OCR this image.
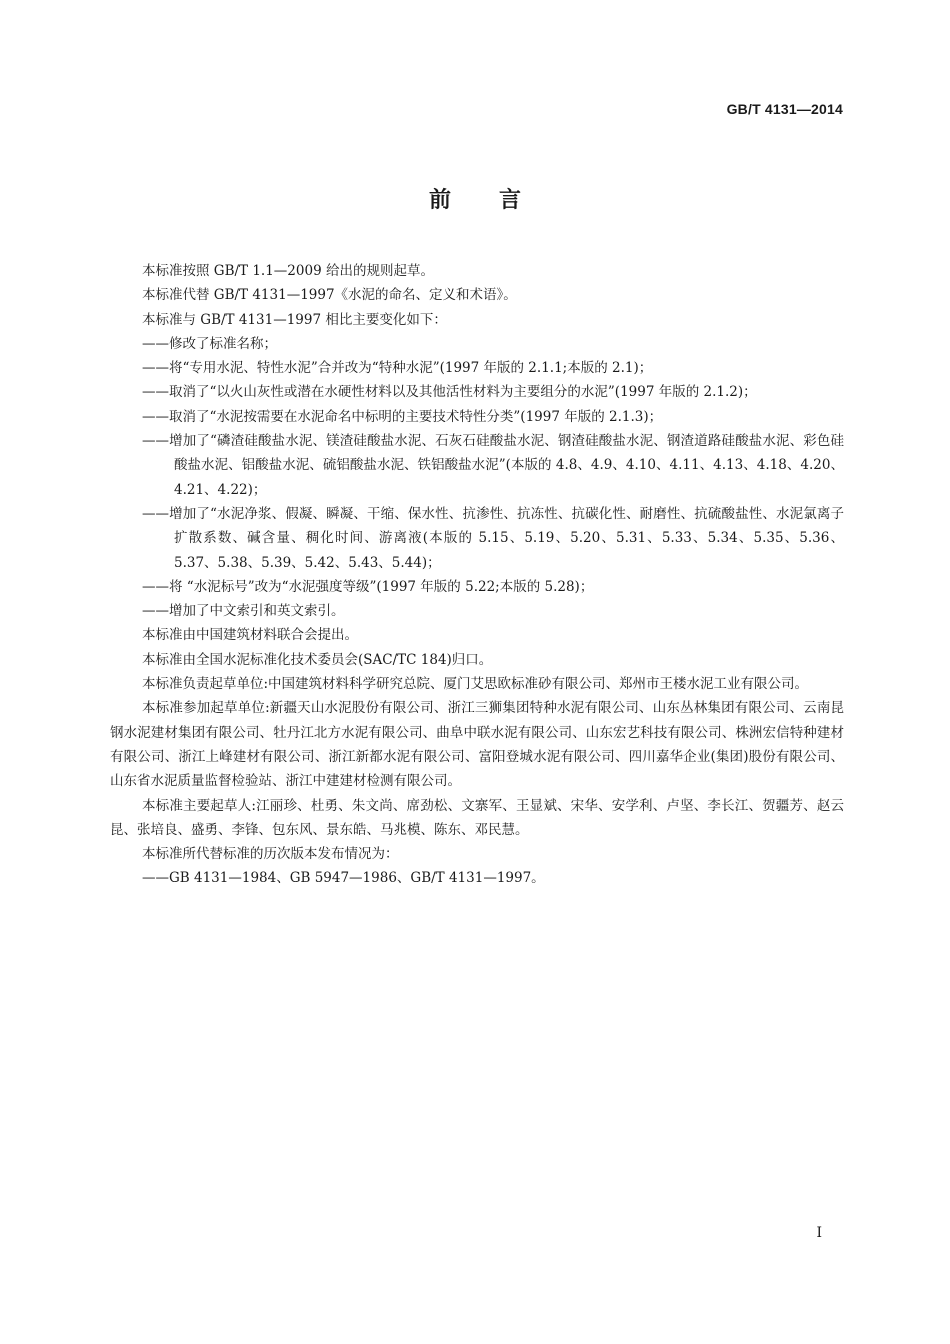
GB/T 4131—2014
前言

本标准按照 GB/T 1.1—2009 给出的规则起草。

本标准代替 GB/T 4131—1997《水泥的命名、定义和术语》。

本标准与 GB/T 4131—1997 相比主要变化如下：

——修改了标准名称；

——将“专用水泥、特性水泥”合并改为“特种水泥”(1997 年版的 2.1.1;本版的 2.1)；

——取消了“以火山灰性或潜在水硬性材料以及其他活性材料为主要组分的水泥”(1997 年版的 2.1.2)；

——取消了“水泥按需要在水泥命名中标明的主要技术特性分类”(1997 年版的 2.1.3)；

——增加了“磷渣硅酸盐水泥、镁渣硅酸盐水泥、石灰石硅酸盐水泥、钢渣硅酸盐水泥、钢渣道路硅酸盐水泥、彩色硅酸盐水泥、铝酸盐水泥、硫铝酸盐水泥、铁铝酸盐水泥”(本版的 4.8、4.9、4.10、4.11、4.13、4.18、4.20、4.21、4.22)；

——增加了“水泥净浆、假凝、瞬凝、干缩、保水性、抗渗性、抗冻性、抗碳化性、耐磨性、抗硫酸盐性、水泥氯离子扩散系数、碱含量、稠化时间、游离液(本版的 5.15、5.19、5.20、5.31、5.33、5.34、5.35、5.36、5.37、5.38、5.39、5.42、5.43、5.44)；

——将 “水泥标号”改为“水泥强度等级”(1997 年版的 5.22;本版的 5.28)；

——增加了中文索引和英文索引。

本标准由中国建筑材料联合会提出。

本标准由全国水泥标准化技术委员会(SAC/TC 184)归口。

本标准负责起草单位:中国建筑材料科学研究总院、厦门艾思欧标准砂有限公司、郑州市王楼水泥工业有限公司。

本标准参加起草单位:新疆天山水泥股份有限公司、浙江三狮集团特种水泥有限公司、山东丛林集团有限公司、云南昆钢水泥建材集团有限公司、牡丹江北方水泥有限公司、曲阜中联水泥有限公司、山东宏艺科技有限公司、株洲宏信特种建材有限公司、浙江上峰建材有限公司、浙江新都水泥有限公司、富阳登城水泥有限公司、四川嘉华企业(集团)股份有限公司、山东省水泥质量监督检验站、浙江中建建材检测有限公司。

本标准主要起草人:江丽珍、杜勇、朱文尚、席劲松、文寨军、王显斌、宋华、安学利、卢坚、李长江、贺疆芳、赵云昆、张培良、盛勇、李锋、包东风、景东皓、马兆模、陈东、邓民慧。

本标准所代替标准的历次版本发布情况为：

——GB 4131—1984、GB 5947—1986、GB/T 4131—1997。

I
